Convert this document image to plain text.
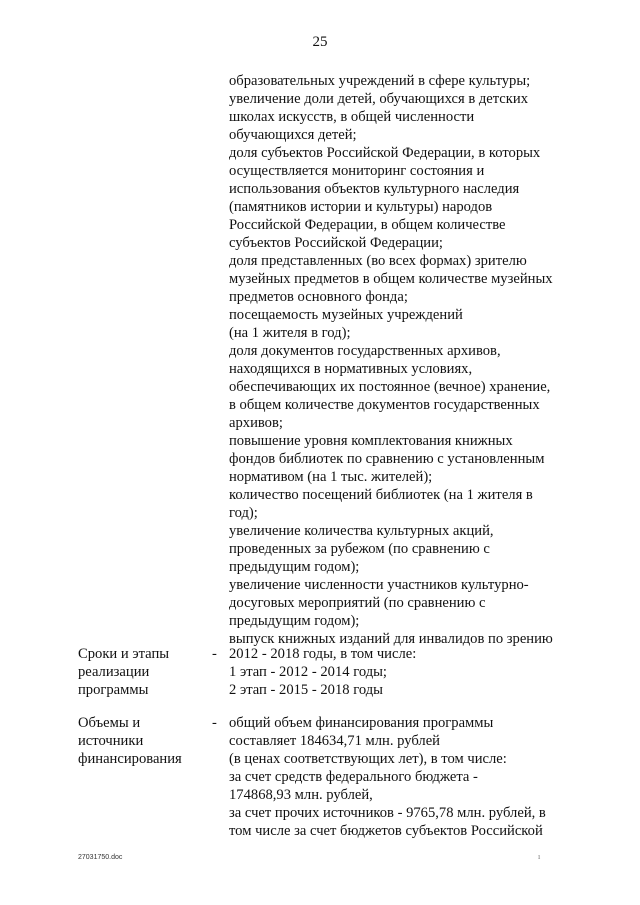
25
образовательных учреждений в сфере культуры;
увеличение доли детей, обучающихся в детских
школах искусств, в общей численности
обучающихся детей;
доля субъектов Российской Федерации, в которых
осуществляется мониторинг состояния и
использования объектов культурного наследия
(памятников истории и культуры) народов
Российской Федерации, в общем количестве
субъектов Российской Федерации;
доля представленных (во всех формах) зрителю
музейных предметов в общем количестве музейных
предметов основного фонда;
посещаемость музейных учреждений
(на 1 жителя в год);
доля документов государственных архивов,
находящихся в нормативных условиях,
обеспечивающих их постоянное (вечное) хранение,
в общем количестве документов государственных
архивов;
повышение уровня комплектования книжных
фондов библиотек по сравнению с установленным
нормативом (на 1 тыс. жителей);
количество посещений библиотек (на 1 жителя в
год);
увеличение количества культурных акций,
проведенных за рубежом (по сравнению с
предыдущим годом);
увеличение численности участников культурно-
досуговых мероприятий (по сравнению с
предыдущим годом);
выпуск книжных изданий для инвалидов по зрению
Сроки и этапы
реализации
программы
- 2012 - 2018 годы, в том числе:
1 этап - 2012 - 2014 годы;
2 этап - 2015 - 2018 годы
Объемы и
источники
финансирования
- общий объем финансирования программы
составляет 184634,71 млн. рублей
(в ценах соответствующих лет), в том числе:
за счет средств федерального бюджета -
174868,93 млн. рублей,
за счет прочих источников - 9765,78 млн. рублей, в
том числе за счет бюджетов субъектов Российской
27031750.doc	ı
